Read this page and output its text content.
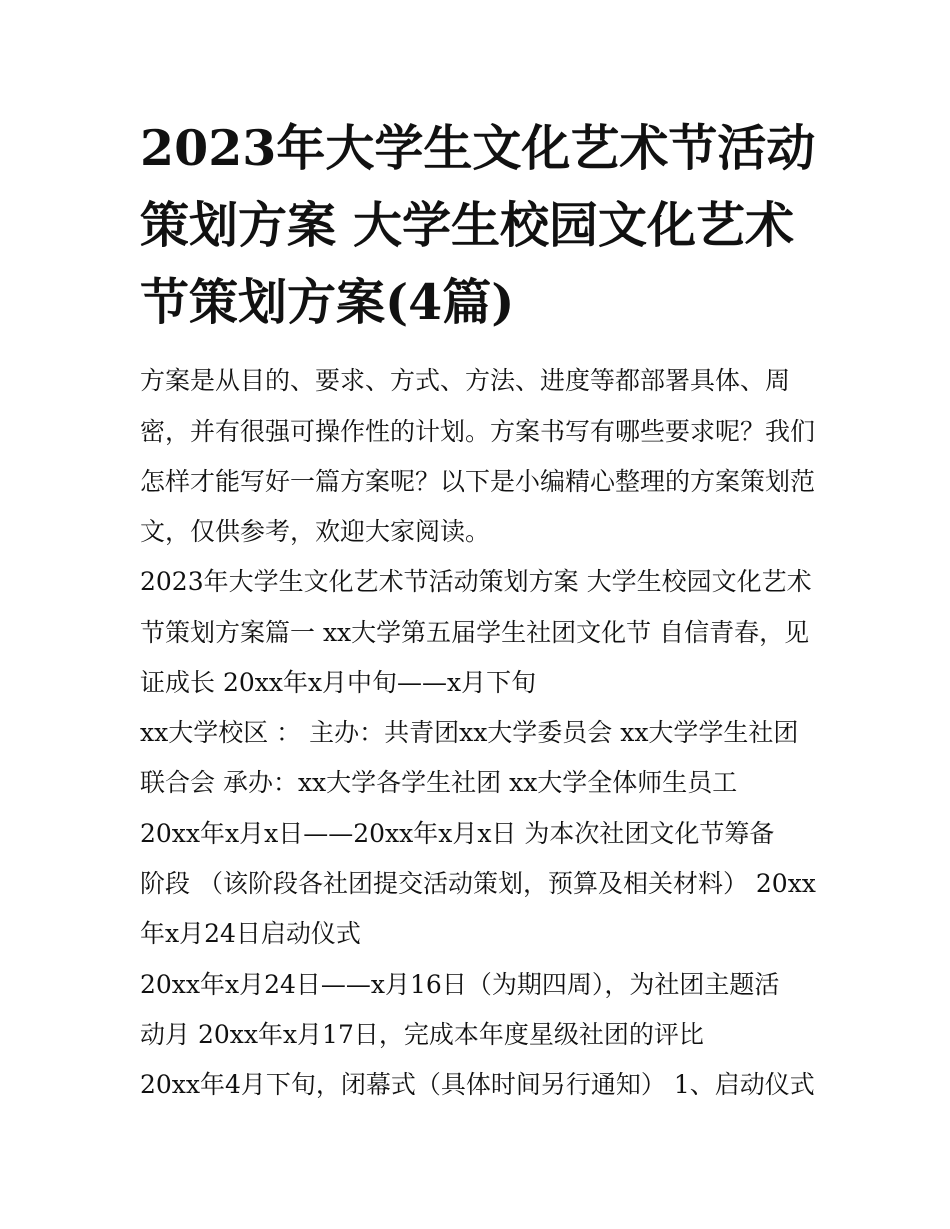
2023年大学生文化艺术节活动
策划方案 大学生校园文化艺术
节策划方案(4篇)

方案是从目的、要求、方式、方法、进度等都部署具体、周

密，并有很强可操作性的计划。方案书写有哪些要求呢？我们

怎样才能写好一篇方案呢？以下是小编精心整理的方案策划范

文，仅供参考，欢迎大家阅读。

2023年大学生文化艺术节活动策划方案 大学生校园文化艺术

节策划方案篇一 xx大学第五届学生社团文化节 自信青春，见

证成长 20xx年x月中旬——x月下旬

xx大学校区 ： 主办：共青团xx大学委员会 xx大学学生社团

联合会 承办：xx大学各学生社团 xx大学全体师生员工

20xx年x月x日——20xx年x月x日 为本次社团文化节筹备

阶段 （该阶段各社团提交活动策划，预算及相关材料） 20xx

年x月24日启动仪式

20xx年x月24日——x月16日（为期四周），为社团主题活

动月 20xx年x月17日，完成本年度星级社团的评比

20xx年4月下旬，闭幕式（具体时间另行通知） 1、启动仪式
